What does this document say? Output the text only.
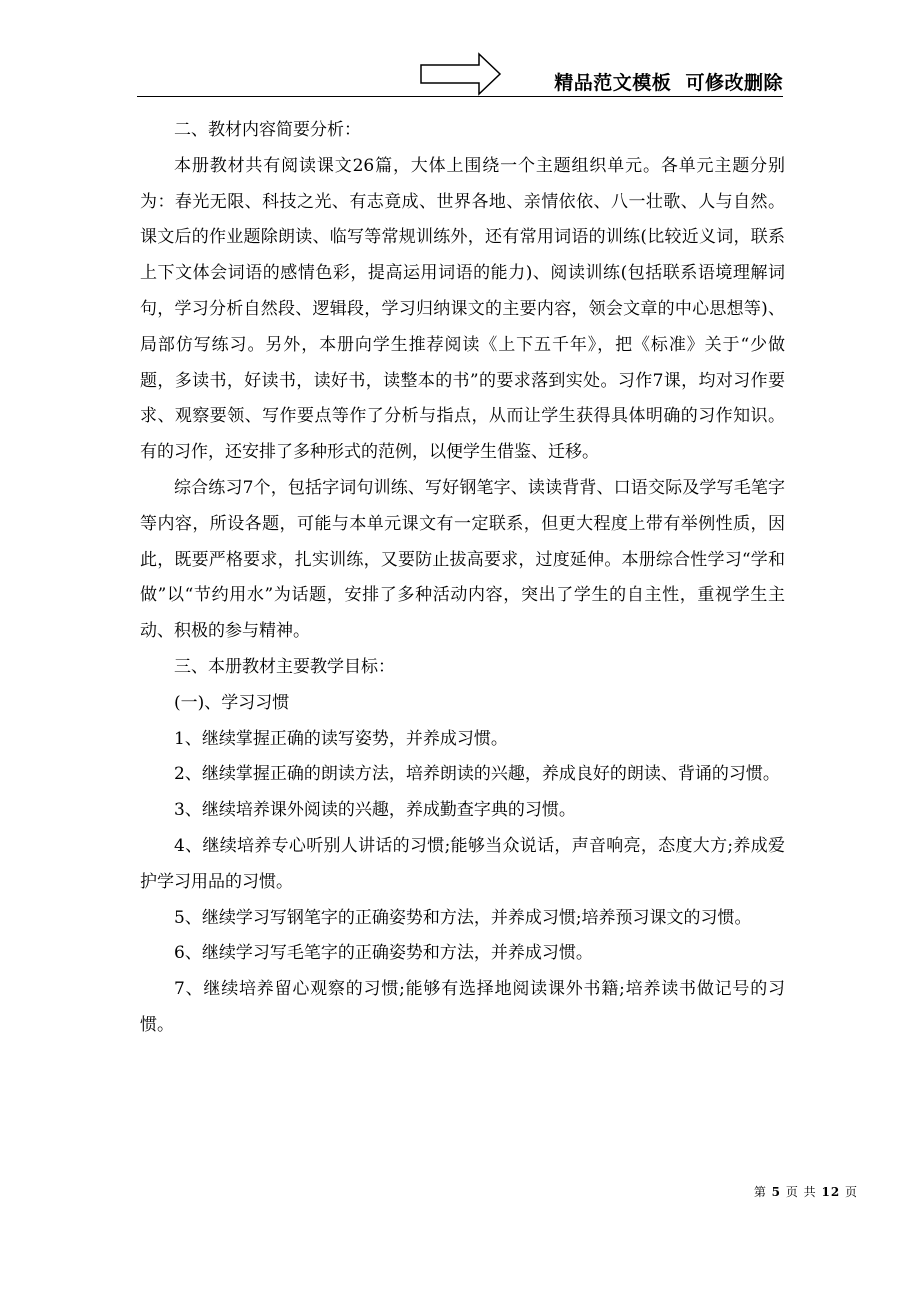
精品范文模板  可修改删除

二、教材内容简要分析：

本册教材共有阅读课文26篇，大体上围绕一个主题组织单元。各单元主题分别为：春光无限、科技之光、有志竟成、世界各地、亲情依依、八一壮歌、人与自然。课文后的作业题除朗读、临写等常规训练外，还有常用词语的训练(比较近义词，联系上下文体会词语的感情色彩，提高运用词语的能力)、阅读训练(包括联系语境理解词句，学习分析自然段、逻辑段，学习归纳课文的主要内容，领会文章的中心思想等)、局部仿写练习。另外，本册向学生推荐阅读《上下五千年》，把《标准》关于“少做题，多读书，好读书，读好书，读整本的书”的要求落到实处。习作7课，均对习作要求、观察要领、写作要点等作了分析与指点，从而让学生获得具体明确的习作知识。有的习作，还安排了多种形式的范例，以便学生借鉴、迁移。

综合练习7个，包括字词句训练、写好钢笔字、读读背背、口语交际及学写毛笔字等内容，所设各题，可能与本单元课文有一定联系，但更大程度上带有举例性质，因此，既要严格要求，扎实训练，又要防止拔高要求，过度延伸。本册综合性学习“学和做”以“节约用水”为话题，安排了多种活动内容，突出了学生的自主性，重视学生主动、积极的参与精神。

三、本册教材主要教学目标：

(一)、学习习惯

1、继续掌握正确的读写姿势，并养成习惯。

2、继续掌握正确的朗读方法，培养朗读的兴趣，养成良好的朗读、背诵的习惯。

3、继续培养课外阅读的兴趣，养成勤查字典的习惯。

4、继续培养专心听别人讲话的习惯;能够当众说话，声音响亮，态度大方;养成爱护学习用品的习惯。

5、继续学习写钢笔字的正确姿势和方法，并养成习惯;培养预习课文的习惯。

6、继续学习写毛笔字的正确姿势和方法，并养成习惯。

7、继续培养留心观察的习惯;能够有选择地阅读课外书籍;培养读书做记号的习惯。

第 5 页 共 12 页
